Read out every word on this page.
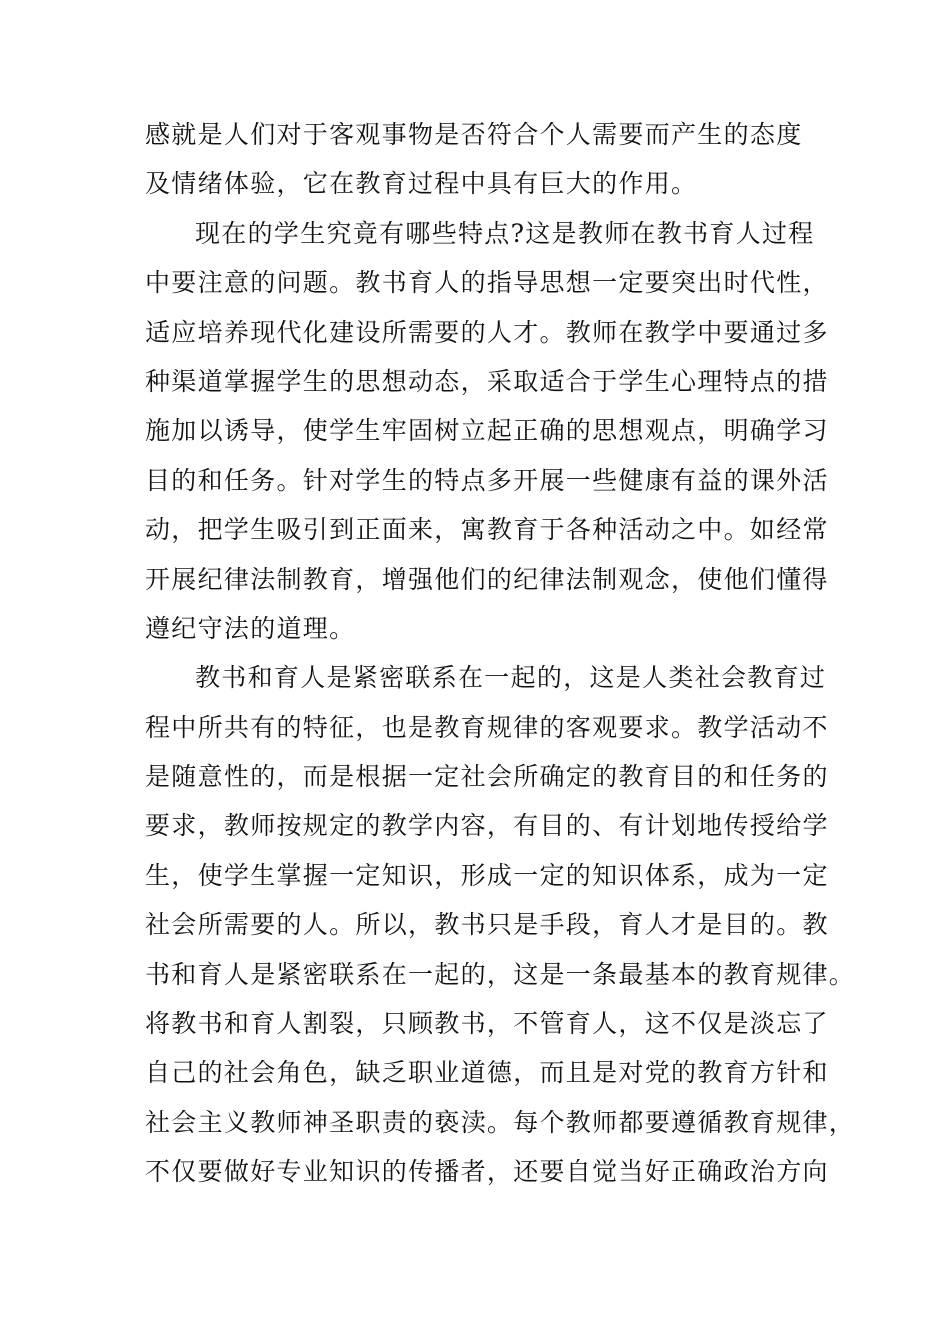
感就是人们对于客观事物是否符合个人需要而产生的态度
及情绪体验，它在教育过程中具有巨大的作用。
现在的学生究竟有哪些特点?这是教师在教书育人过程
中要注意的问题。教书育人的指导思想一定要突出时代性，
适应培养现代化建设所需要的人才。教师在教学中要通过多
种渠道掌握学生的思想动态，采取适合于学生心理特点的措
施加以诱导，使学生牢固树立起正确的思想观点，明确学习
目的和任务。针对学生的特点多开展一些健康有益的课外活
动，把学生吸引到正面来，寓教育于各种活动之中。如经常
开展纪律法制教育，增强他们的纪律法制观念，使他们懂得
遵纪守法的道理。
教书和育人是紧密联系在一起的，这是人类社会教育过
程中所共有的特征，也是教育规律的客观要求。教学活动不
是随意性的，而是根据一定社会所确定的教育目的和任务的
要求，教师按规定的教学内容，有目的、有计划地传授给学
生，使学生掌握一定知识，形成一定的知识体系，成为一定
社会所需要的人。所以，教书只是手段，育人才是目的。教
书和育人是紧密联系在一起的，这是一条最基本的教育规律。
将教书和育人割裂，只顾教书，不管育人，这不仅是淡忘了
自己的社会角色，缺乏职业道德，而且是对党的教育方针和
社会主义教师神圣职责的亵渎。每个教师都要遵循教育规律，
不仅要做好专业知识的传播者，还要自觉当好正确政治方向
